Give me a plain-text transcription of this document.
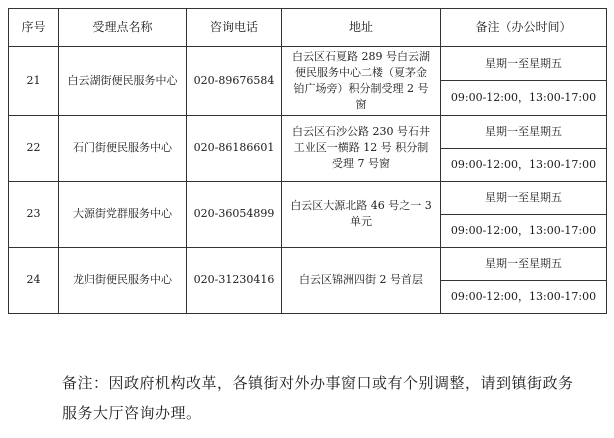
序号	受理点名称	咨询电话	地址	备注（办公时间）
21	白云湖街便民服务中心	020-89676584	白云区石夏路 289 号白云湖便民服务中心二楼（夏茅金铂广场旁）积分制受理 2 号窗	星期一至星期五
				09:00-12:00，13:00-17:00
22	石门街便民服务中心	020-86186601	白云区石沙公路 230 号石井工业区一横路 12 号 积分制受理 7 号窗	星期一至星期五
				09:00-12:00，13:00-17:00
23	大源街党群服务中心	020-36054899	白云区大源北路 46 号之一 3 单元	星期一至星期五
				09:00-12:00，13:00-17:00
24	龙归街便民服务中心	020-31230416	白云区锦洲四街 2 号首层	星期一至星期五
				09:00-12:00，13:00-17:00

备注：因政府机构改革，各镇街对外办事窗口或有个别调整，请到镇街政务服务大厅咨询办理。
